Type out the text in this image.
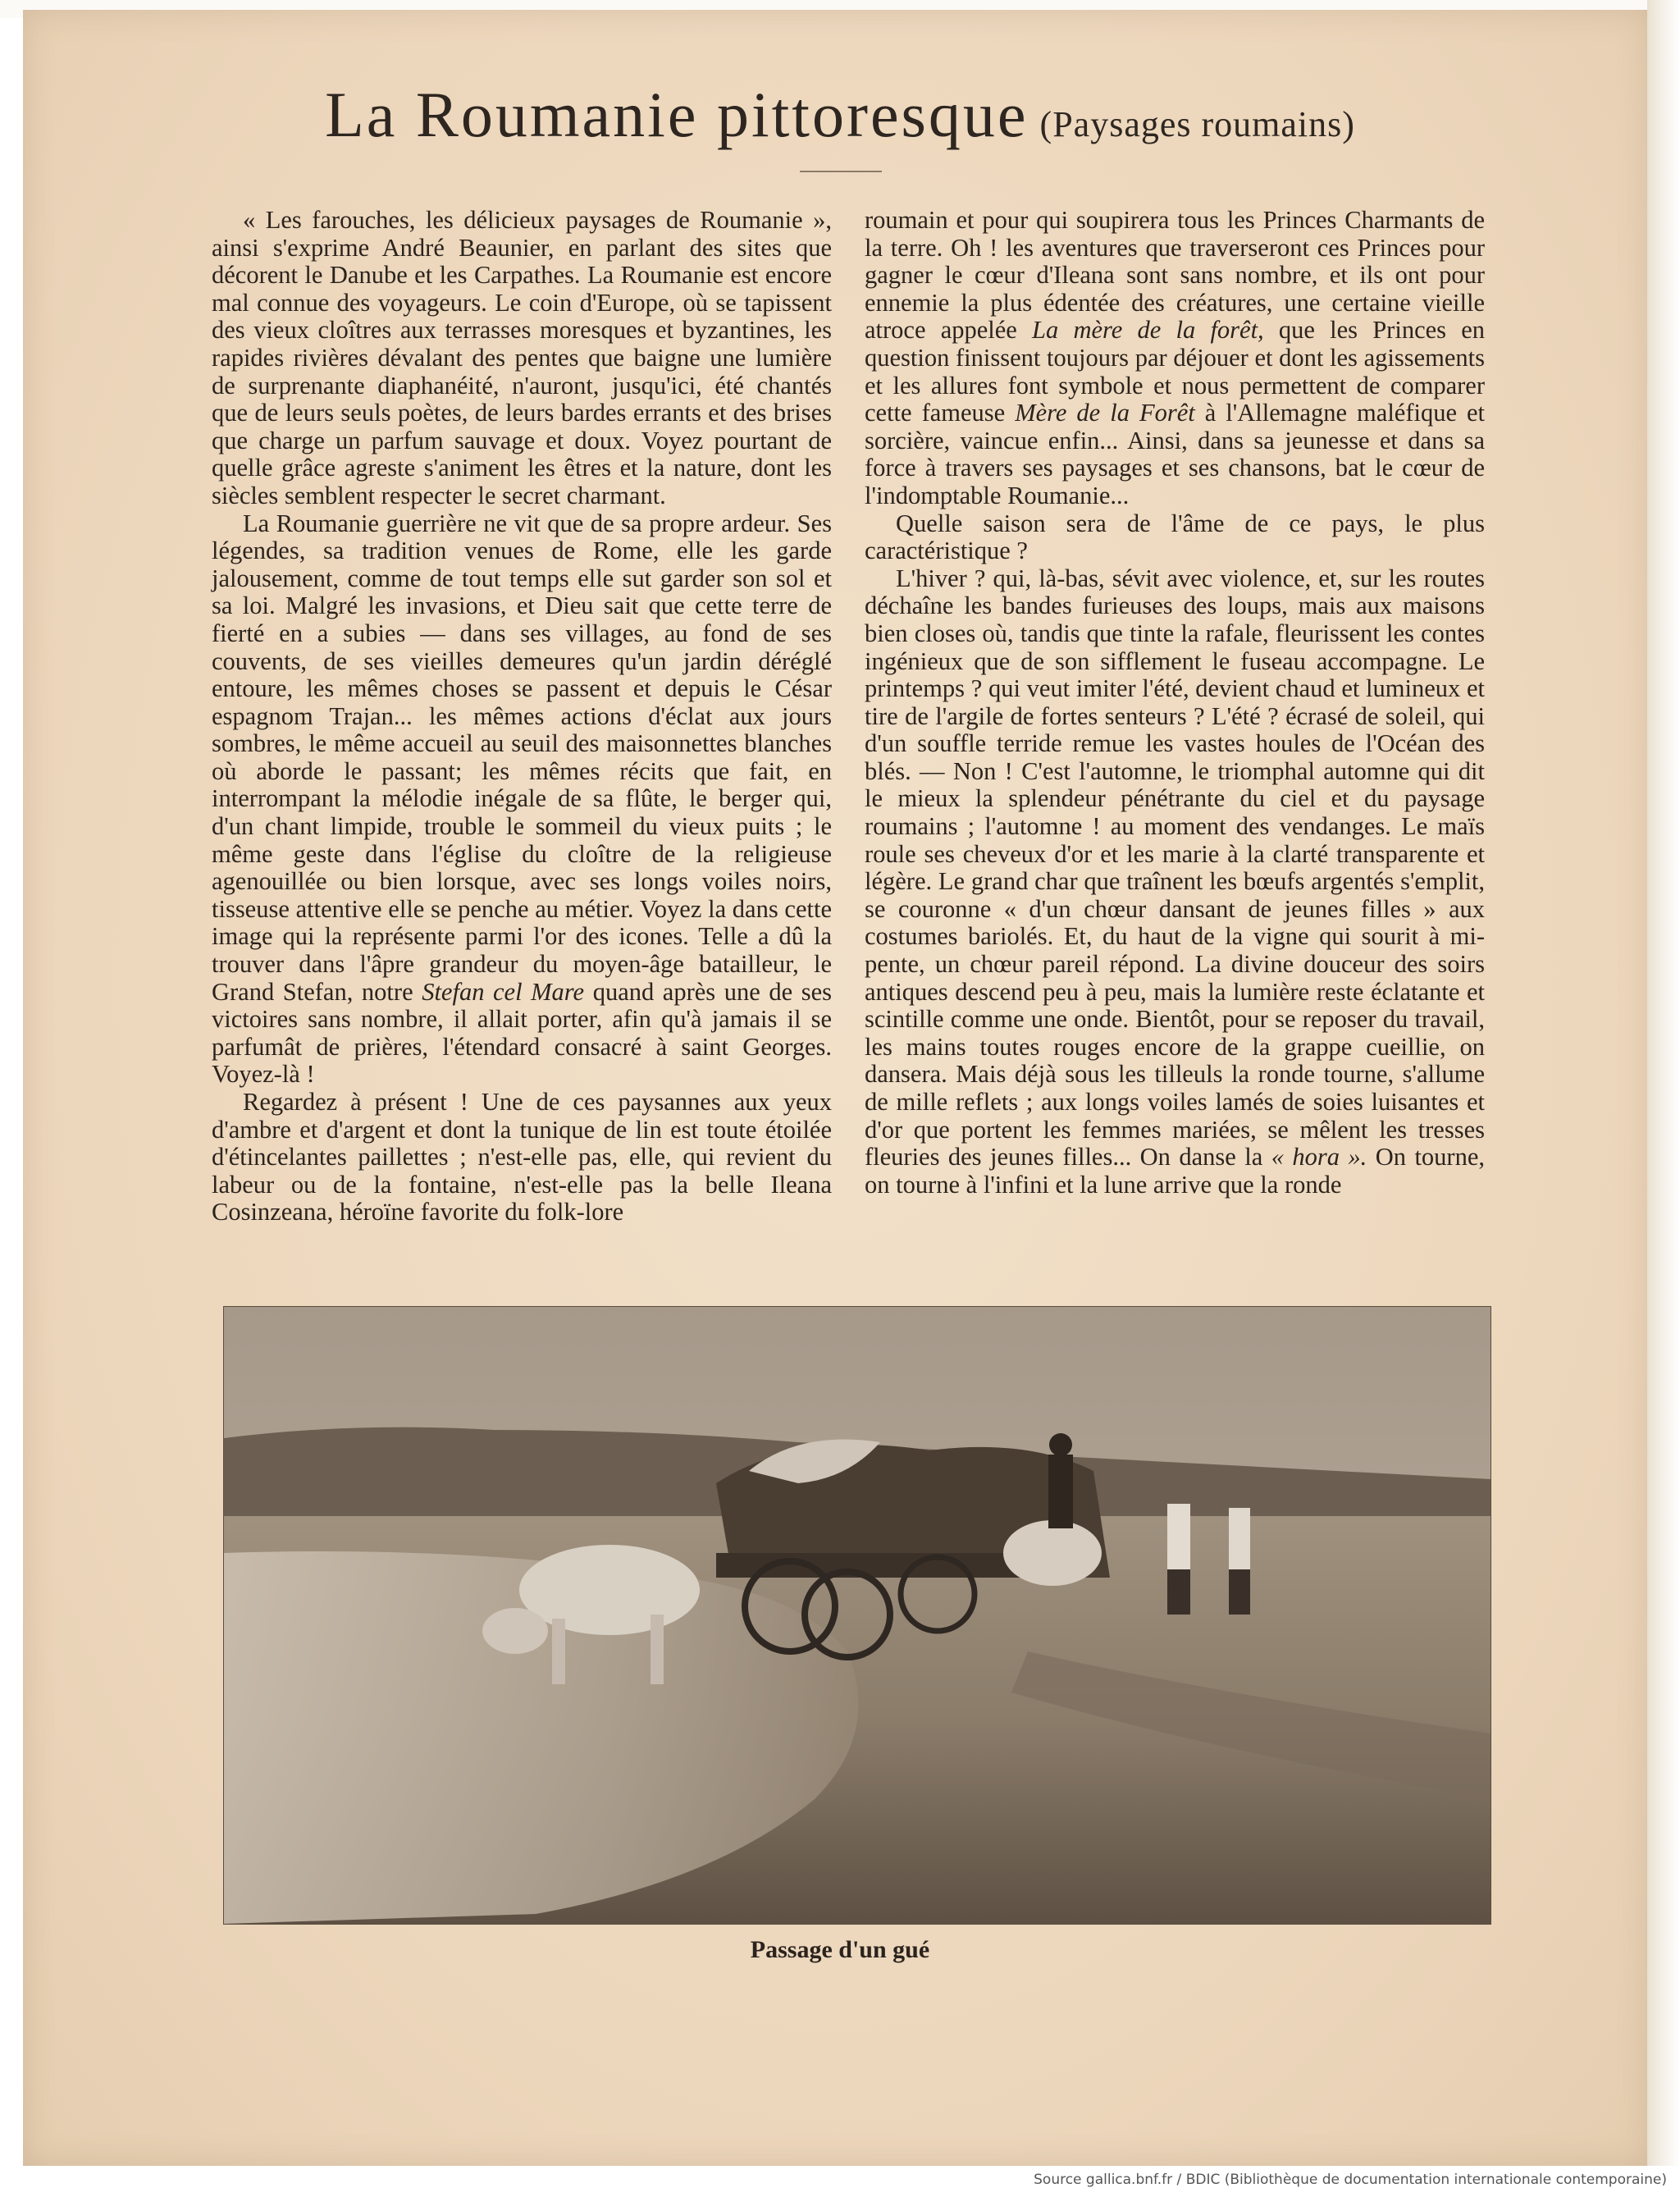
La Roumanie pittoresque (Paysages roumains)

« Les farouches, les délicieux paysages de Roumanie », ainsi s'exprime André Beaunier, en parlant des sites que décorent le Danube et les Carpathes. La Roumanie est encore mal connue des voyageurs. Le coin d'Europe, où se tapissent des vieux cloîtres aux terrasses moresques et byzantines, les rapides rivières dévalant des pentes que baigne une lumière de surprenante diaphanéité, n'auront, jusqu'ici, été chantés que de leurs seuls poètes, de leurs bardes errants et des brises que charge un parfum sauvage et doux. Voyez pourtant de quelle grâce agreste s'animent les êtres et la nature, dont les siècles semblent respecter le secret charmant.

La Roumanie guerrière ne vit que de sa propre ardeur. Ses légendes, sa tradition venues de Rome, elle les garde jalousement, comme de tout temps elle sut garder son sol et sa loi. Malgré les invasions, et Dieu sait que cette terre de fierté en a subies — dans ses villages, au fond de ses couvents, de ses vieilles demeures qu'un jardin déréglé entoure, les mêmes choses se passent et depuis le César espagnom Trajan... les mêmes actions d'éclat aux jours sombres, le même accueil au seuil des maisonnettes blanches où aborde le passant; les mêmes récits que fait, en interrompant la mélodie inégale de sa flûte, le berger qui, d'un chant limpide, trouble le sommeil du vieux puits ; le même geste dans l'église du cloître de la religieuse agenouillée ou bien lorsque, avec ses longs voiles noirs, tisseuse attentive elle se penche au métier. Voyez la dans cette image qui la représente parmi l'or des icones. Telle a dû la trouver dans l'âpre grandeur du moyen-âge batailleur, le Grand Stefan, notre Stefan cel Mare quand après une de ses victoires sans nombre, il allait porter, afin qu'à jamais il se parfumât de prières, l'étendard consacré à saint Georges. Voyez-là !

Regardez à présent ! Une de ces paysannes aux yeux d'ambre et d'argent et dont la tunique de lin est toute étoilée d'étincelantes paillettes ; n'est-elle pas, elle, qui revient du labeur ou de la fontaine, n'est-elle pas la belle Ileana Cosinzeana, héroïne favorite du folk-lore

roumain et pour qui soupirera tous les Princes Charmants de la terre. Oh ! les aventures que traverseront ces Princes pour gagner le cœur d'Ileana sont sans nombre, et ils ont pour ennemie la plus édentée des créatures, une certaine vieille atroce appelée La mère de la forêt, que les Princes en question finissent toujours par déjouer et dont les agissements et les allures font symbole et nous permettent de comparer cette fameuse Mère de la Forêt à l'Allemagne maléfique et sorcière, vaincue enfin... Ainsi, dans sa jeunesse et dans sa force à travers ses paysages et ses chansons, bat le cœur de l'indomptable Roumanie...

Quelle saison sera de l'âme de ce pays, le plus caractéristique ?

L'hiver ? qui, là-bas, sévit avec violence, et, sur les routes déchaîne les bandes furieuses des loups, mais aux maisons bien closes où, tandis que tinte la rafale, fleurissent les contes ingénieux que de son sifflement le fuseau accompagne. Le printemps ? qui veut imiter l'été, devient chaud et lumineux et tire de l'argile de fortes senteurs ? L'été ? écrasé de soleil, qui d'un souffle terride remue les vastes houles de l'Océan des blés. — Non ! C'est l'automne, le triomphal automne qui dit le mieux la splendeur pénétrante du ciel et du paysage roumains ; l'automne ! au moment des vendanges. Le maïs roule ses cheveux d'or et les marie à la clarté transparente et légère. Le grand char que traînent les bœufs argentés s'emplit, se couronne « d'un chœur dansant de jeunes filles » aux costumes bariolés. Et, du haut de la vigne qui sourit à mi-pente, un chœur pareil répond. La divine douceur des soirs antiques descend peu à peu, mais la lumière reste éclatante et scintille comme une onde. Bientôt, pour se reposer du travail, les mains toutes rouges encore de la grappe cueillie, on dansera. Mais déjà sous les tilleuls la ronde tourne, s'allume de mille reflets ; aux longs voiles lamés de soies luisantes et d'or que portent les femmes mariées, se mêlent les tresses fleuries des jeunes filles... On danse la « hora ». On tourne, on tourne à l'infini et la lune arrive que la ronde

Passage d'un gué
Source gallica.bnf.fr / BDIC (Bibliothèque de documentation internationale contemporaine)
